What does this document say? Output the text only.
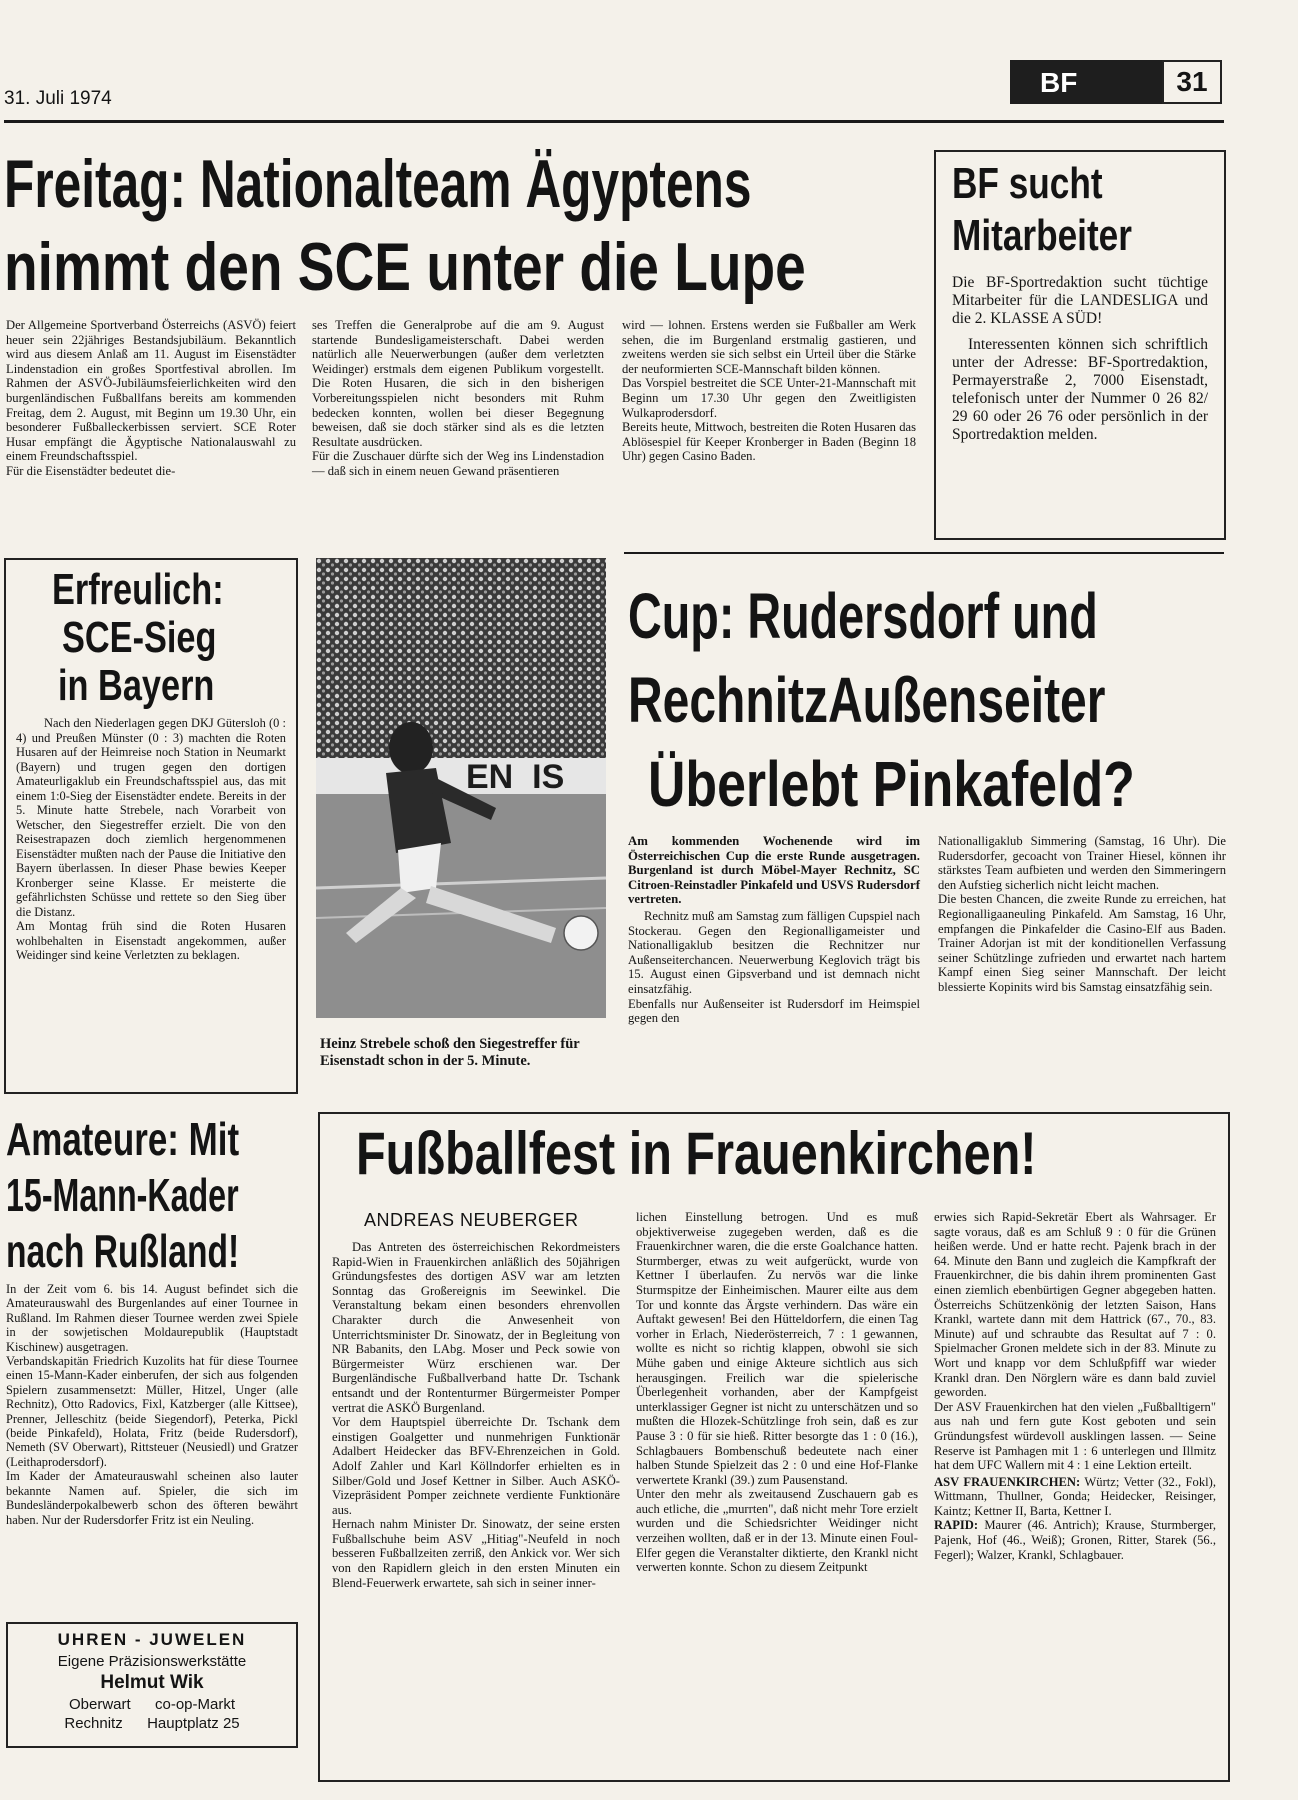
31. Juli 1974
BF	31
Freitag: Nationalteam Ägyptens
nimmt den SCE unter die Lupe
Der Allgemeine Sportverband Österreichs (ASVÖ) feiert heuer sein 22jähriges Bestandsjubiläum. Bekanntlich wird aus diesem Anlaß am 11. August im Eisenstädter Lindenstadion ein großes Sportfestival abrollen. Im Rahmen der ASVÖ-Jubiläumsfeierlichkeiten wird den burgenländischen Fußballfans bereits am kommenden Freitag, dem 2. August, mit Beginn um 19.30 Uhr, ein besonderer Fußballeckerbissen serviert. SCE Roter Husar empfängt die Ägyptische Nationalauswahl zu einem Freundschaftsspiel.
Für die Eisenstädter bedeutet die-
ses Treffen die Generalprobe auf die am 9. August startende Bundesligameisterschaft. Dabei werden natürlich alle Neuerwerbungen (außer dem verletzten Weidinger) erstmals dem eigenen Publikum vorgestellt. Die Roten Husaren, die sich in den bisherigen Vorbereitungsspielen nicht besonders mit Ruhm bedecken konnten, wollen bei dieser Begegnung beweisen, daß sie doch stärker sind als es die letzten Resultate ausdrücken.
Für die Zuschauer dürfte sich der Weg ins Lindenstadion — daß sich in einem neuen Gewand präsentieren
wird — lohnen. Erstens werden sie Fußballer am Werk sehen, die im Burgenland erstmalig gastieren, und zweitens werden sie sich selbst ein Urteil über die Stärke der neuformierten SCE-Mannschaft bilden können.
Das Vorspiel bestreitet die SCE Unter-21-Mannschaft mit Beginn um 17.30 Uhr gegen den Zweitligisten Wulkaprodersdorf.
Bereits heute, Mittwoch, bestreiten die Roten Husaren das Ablösespiel für Keeper Kronberger in Baden (Beginn 18 Uhr) gegen Casino Baden.
BF sucht
Mitarbeiter

Die BF-Sportredaktion sucht tüchtige Mitarbeiter für die LANDESLIGA und die 2. KLASSE A SÜD!

Interessenten können sich schriftlich unter der Adresse: BF-Sportredaktion, Permayerstraße 2, 7000 Eisenstadt, telefonisch unter der Nummer 0 26 82/ 29 60 oder 26 76 oder persönlich in der Sportredaktion melden.

Erfreulich:
SCE-Sieg
in Bayern

Nach den Niederlagen gegen DKJ Gütersloh (0 : 4) und Preußen Münster (0 : 3) machten die Roten Husaren auf der Heimreise noch Station in Neumarkt (Bayern) und trugen gegen den dortigen Amateurligaklub ein Freundschaftsspiel aus, das mit einem 1:0-Sieg der Eisenstädter endete. Bereits in der 5. Minute hatte Strebele, nach Vorarbeit von Wetscher, den Siegestreffer erzielt. Die von den Reisestrapazen doch ziemlich hergenommenen Eisenstädter mußten nach der Pause die Initiative den Bayern überlassen. In dieser Phase bewies Keeper Kronberger seine Klasse. Er meisterte die gefährlichsten Schüsse und rettete so den Sieg über die Distanz.
Am Montag früh sind die Roten Husaren wohlbehalten in Eisenstadt angekommen, außer Weidinger sind keine Verletzten zu beklagen.

EN  IS
Heinz Strebele schoß den Siegestreffer für Eisenstadt schon in der 5. Minute.
Cup: Rudersdorf und
RechnitzAußenseiter
Überlebt Pinkafeld?

Am kommenden Wochenende wird im Österreichischen Cup die erste Runde ausgetragen. Burgenland ist durch Möbel-Mayer Rechnitz, SC Citroen-Reinstadler Pinkafeld und USVS Rudersdorf vertreten.

Rechnitz muß am Samstag zum fälligen Cupspiel nach Stockerau. Gegen den Regionalligameister und Nationalligaklub besitzen die Rechnitzer nur Außenseiterchancen. Neuerwerbung Keglovich trägt bis 15. August einen Gipsverband und ist demnach nicht einsatzfähig.
Ebenfalls nur Außenseiter ist Rudersdorf im Heimspiel gegen den

Nationalligaklub Simmering (Samstag, 16 Uhr). Die Rudersdorfer, gecoacht von Trainer Hiesel, können ihr stärkstes Team aufbieten und werden den Simmeringern den Aufstieg sicherlich nicht leicht machen.
Die besten Chancen, die zweite Runde zu erreichen, hat Regionalligaaneuling Pinkafeld. Am Samstag, 16 Uhr, empfangen die Pinkafelder die Casino-Elf aus Baden. Trainer Adorjan ist mit der konditionellen Verfassung seiner Schützlinge zufrieden und erwartet nach hartem Kampf einen Sieg seiner Mannschaft. Der leicht blessierte Kopinits wird bis Samstag einsatzfähig sein.
Amateure: Mit
15-Mann-Kader
nach Rußland!
In der Zeit vom 6. bis 14. August befindet sich die Amateurauswahl des Burgenlandes auf einer Tournee in Rußland. Im Rahmen dieser Tournee werden zwei Spiele in der sowjetischen Moldaurepublik (Hauptstadt Kischinew) ausgetragen.
Verbandskapitän Friedrich Kuzolits hat für diese Tournee einen 15-Mann-Kader einberufen, der sich aus folgenden Spielern zusammensetzt: Müller, Hitzel, Unger (alle Rechnitz), Otto Radovics, Fixl, Katzberger (alle Kittsee), Prenner, Jelleschitz (beide Siegendorf), Peterka, Pickl (beide Pinkafeld), Holata, Fritz (beide Rudersdorf), Nemeth (SV Oberwart), Rittsteuer (Neusiedl) und Gratzer (Leithaprodersdorf).
Im Kader der Amateurauswahl scheinen also lauter bekannte Namen auf. Spieler, die sich im Bundesländerpokalbewerb schon des öfteren bewährt haben. Nur der Rudersdorfer Fritz ist ein Neuling.
UHREN - JUWELEN
Eigene Präzisionswerkstätte
Helmut Wik
Oberwart co-op-Markt
Rechnitz Hauptplatz 25
Fußballfest in Frauenkirchen!
ANDREAS NEUBERGER
Das Antreten des österreichischen Rekordmeisters Rapid-Wien in Frauenkirchen anläßlich des 50jährigen Gründungsfestes des dortigen ASV war am letzten Sonntag das Großereignis im Seewinkel. Die Veranstaltung bekam einen besonders ehrenvollen Charakter durch die Anwesenheit von Unterrichtsminister Dr. Sinowatz, der in Begleitung von NR Babanits, den LAbg. Moser und Peck sowie von Bürgermeister Würz erschienen war. Der Burgenländische Fußballverband hatte Dr. Tschank entsandt und der Rontenturmer Bürgermeister Pomper vertrat die ASKÖ Burgenland.
Vor dem Hauptspiel überreichte Dr. Tschank dem einstigen Goalgetter und nunmehrigen Funktionär Adalbert Heidecker das BFV-Ehrenzeichen in Gold. Adolf Zahler und Karl Köllndorfer erhielten es in Silber/Gold und Josef Kettner in Silber. Auch ASKÖ-Vizepräsident Pomper zeichnete verdiente Funktionäre aus.
Hernach nahm Minister Dr. Sinowatz, der seine ersten Fußballschuhe beim ASV „Hitiag"-Neufeld in noch besseren Fußballzeiten zerriß, den Ankick vor. Wer sich von den Rapidlern gleich in den ersten Minuten ein Blend-Feuerwerk erwartete, sah sich in seiner inner-
lichen Einstellung betrogen. Und es muß objektiverweise zugegeben werden, daß es die Frauenkirchner waren, die die erste Goalchance hatten. Sturmberger, etwas zu weit aufgerückt, wurde von Kettner I überlaufen. Zu nervös war die linke Sturmspitze der Einheimischen. Maurer eilte aus dem Tor und konnte das Ärgste verhindern. Das wäre ein Auftakt gewesen! Bei den Hütteldorfern, die einen Tag vorher in Erlach, Niederösterreich, 7 : 1 gewannen, wollte es nicht so richtig klappen, obwohl sie sich Mühe gaben und einige Akteure sichtlich aus sich herausgingen. Freilich war die spielerische Überlegenheit vorhanden, aber der Kampfgeist unterklassiger Gegner ist nicht zu unterschätzen und so mußten die Hlozek-Schützlinge froh sein, daß es zur Pause 3 : 0 für sie hieß. Ritter besorgte das 1 : 0 (16.), Schlagbauers Bombenschuß bedeutete nach einer halben Stunde Spielzeit das 2 : 0 und eine Hof-Flanke verwertete Krankl (39.) zum Pausenstand.
Unter den mehr als zweitausend Zuschauern gab es auch etliche, die „murrten", daß nicht mehr Tore erzielt wurden und die Schiedsrichter Weidinger nicht verzeihen wollten, daß er in der 13. Minute einen Foul-Elfer gegen die Veranstalter diktierte, den Krankl nicht verwerten konnte. Schon zu diesem Zeitpunkt

erwies sich Rapid-Sekretär Ebert als Wahrsager. Er sagte voraus, daß es am Schluß 9 : 0 für die Grünen heißen werde. Und er hatte recht. Pajenk brach in der 64. Minute den Bann und zugleich die Kampfkraft der Frauenkirchner, die bis dahin ihrem prominenten Gast einen ziemlich ebenbürtigen Gegner abgegeben hatten. Österreichs Schützenkönig der letzten Saison, Hans Krankl, wartete dann mit dem Hattrick (67., 70., 83. Minute) auf und schraubte das Resultat auf 7 : 0. Spielmacher Gronen meldete sich in der 83. Minute zu Wort und knapp vor dem Schlußpfiff war wieder Krankl dran. Den Nörglern wäre es dann bald zuviel geworden.
Der ASV Frauenkirchen hat den vielen „Fußballtigern" aus nah und fern gute Kost geboten und sein Gründungsfest würdevoll ausklingen lassen. — Seine Reserve ist Pamhagen mit 1 : 6 unterlegen und Illmitz hat dem UFC Wallern mit 4 : 1 eine Lektion erteilt.

ASV FRAUENKIRCHEN: Würtz; Vetter (32., Fokl), Wittmann, Thullner, Gonda; Heidecker, Reisinger, Kaintz; Kettner II, Barta, Kettner I.

RAPID: Maurer (46. Antrich); Krause, Sturmberger, Pajenk, Hof (46., Weiß); Gronen, Ritter, Starek (56., Fegerl); Walzer, Krankl, Schlagbauer.
